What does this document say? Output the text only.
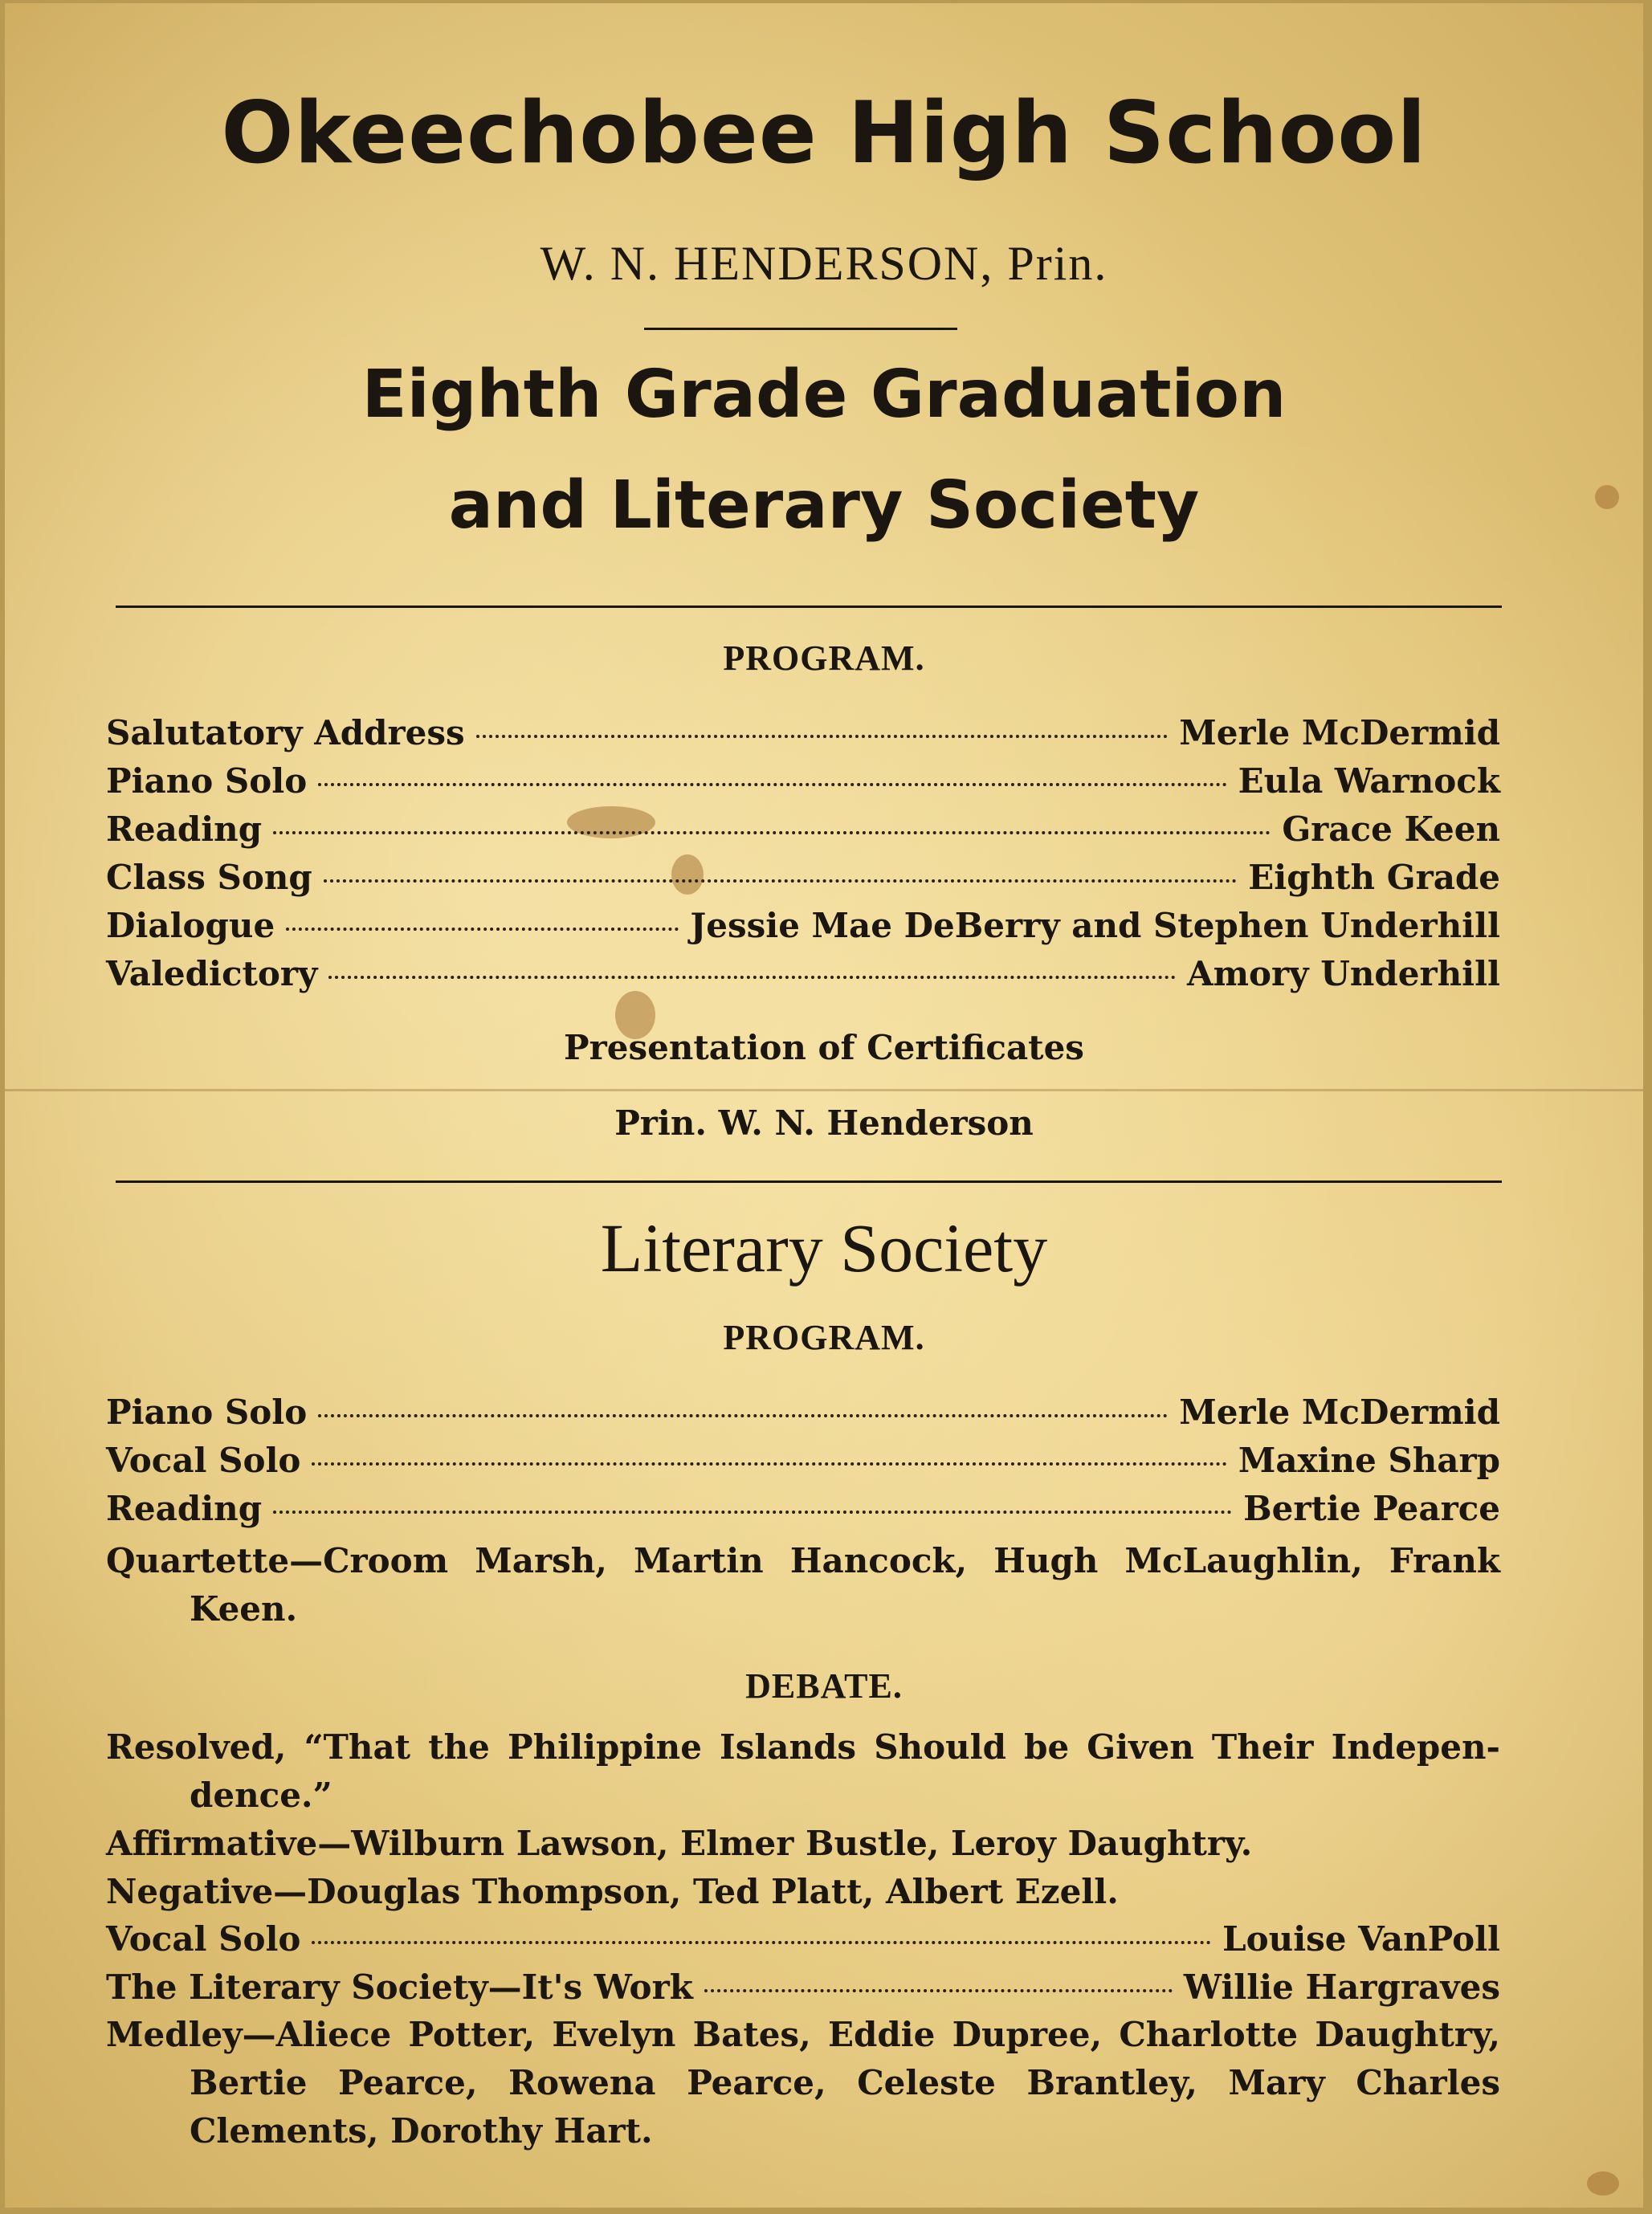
Okeechobee High School
W. N. HENDERSON, Prin.
Eighth Grade Graduation
and Literary Society
PROGRAM.
Salutatory Address	Merle McDermid
Piano Solo	Eula Warnock
Reading	Grace Keen
Class Song	Eighth Grade
Dialogue	Jessie Mae DeBerry and Stephen Underhill
Valedictory	Amory Underhill
Presentation of Certificates
Prin. W. N. Henderson
Literary Society
PROGRAM.
Piano Solo	Merle McDermid
Vocal Solo	Maxine Sharp
Reading	Bertie Pearce
Quartette—Croom Marsh, Martin Hancock, Hugh McLaughlin, Frank
Keen.
DEBATE.
Resolved, “That the Philippine Islands Should be Given Their Indepen-
dence.”
Affirmative—Wilburn Lawson, Elmer Bustle, Leroy Daughtry.
Negative—Douglas Thompson, Ted Platt, Albert Ezell.
Vocal Solo	Louise VanPoll
The Literary Society—It's Work	Willie Hargraves
Medley—Aliece Potter, Evelyn Bates, Eddie Dupree, Charlotte Daughtry,
Bertie Pearce, Rowena Pearce, Celeste Brantley, Mary Charles
Clements, Dorothy Hart.
